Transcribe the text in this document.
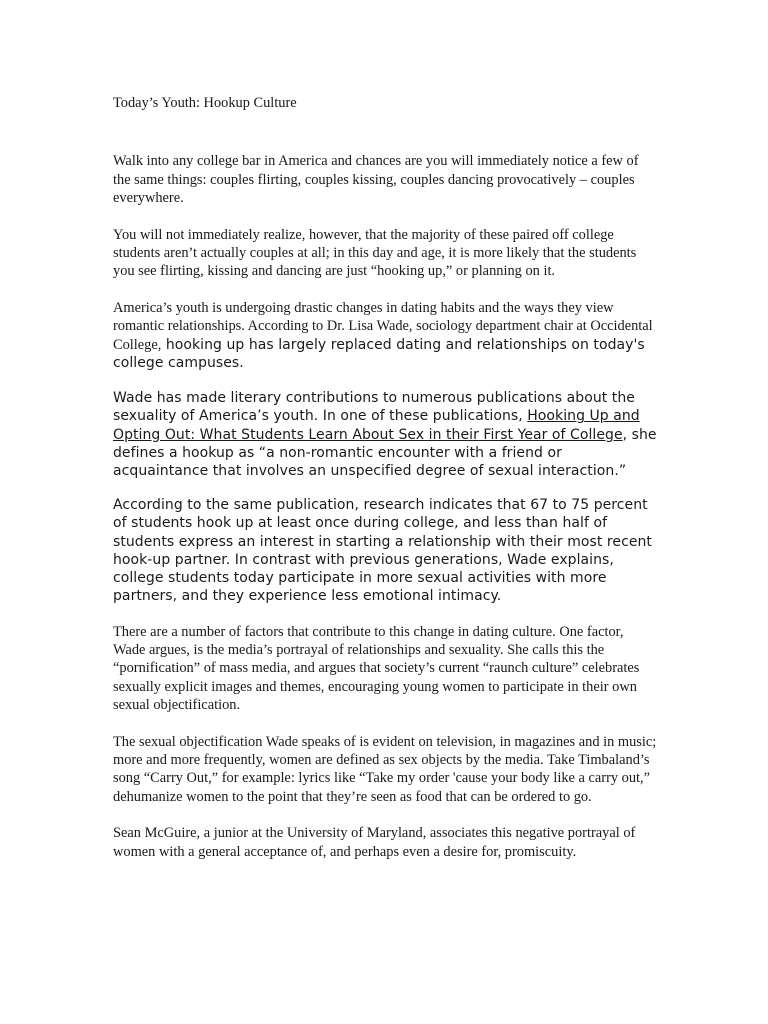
Today’s Youth: Hookup Culture

Walk into any college bar in America and chances are you will immediately notice a few of the same things: couples flirting, couples kissing, couples dancing provocatively – couples everywhere.

You will not immediately realize, however, that the majority of these paired off college students aren’t actually couples at all; in this day and age, it is more likely that the students you see flirting, kissing and dancing are just “hooking up,” or planning on it.

America’s youth is undergoing drastic changes in dating habits and the ways they view romantic relationships. According to Dr. Lisa Wade, sociology department chair at Occidental College, hooking up has largely replaced dating and relationships on today's college campuses.

Wade has made literary contributions to numerous publications about the sexuality of America’s youth. In one of these publications, Hooking Up and Opting Out: What Students Learn About Sex in their First Year of College, she defines a hookup as “a non-romantic encounter with a friend or acquaintance that involves an unspecified degree of sexual interaction.”

According to the same publication, research indicates that 67 to 75 percent of students hook up at least once during college, and less than half of students express an interest in starting a relationship with their most recent hook-up partner. In contrast with previous generations, Wade explains, college students today participate in more sexual activities with more partners, and they experience less emotional intimacy.

There are a number of factors that contribute to this change in dating culture. One factor, Wade argues, is the media’s portrayal of relationships and sexuality. She calls this the “pornification” of mass media, and argues that society’s current “raunch culture” celebrates sexually explicit images and themes, encouraging young women to participate in their own sexual objectification.

The sexual objectification Wade speaks of is evident on television, in magazines and in music; more and more frequently, women are defined as sex objects by the media. Take Timbaland’s song “Carry Out,” for example: lyrics like “Take my order 'cause your body like a carry out,” dehumanize women to the point that they’re seen as food that can be ordered to go.

Sean McGuire, a junior at the University of Maryland, associates this negative portrayal of women with a general acceptance of, and perhaps even a desire for, promiscuity.
